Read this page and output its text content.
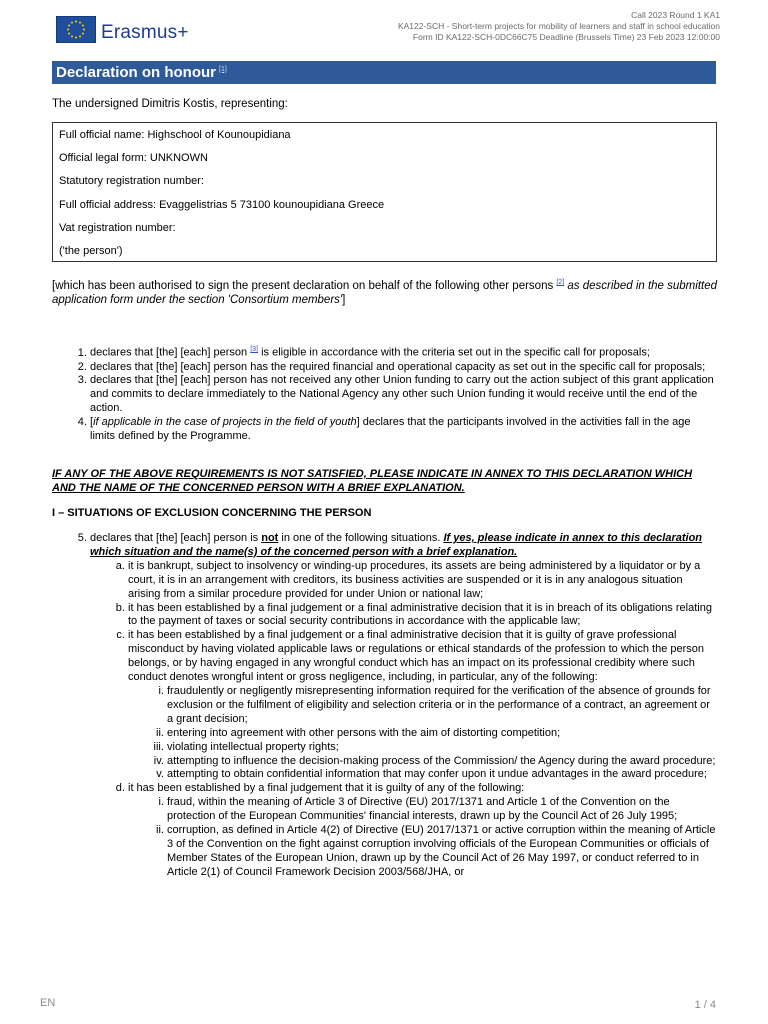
Erasmus+
Call 2023 Round 1 KA1
KA122-SCH - Short-term projects for mobility of learners and staff in school education
Form ID KA122-SCH-0DC66C75 Deadline (Brussels Time) 23 Feb 2023 12:00:00
Declaration on honour [1]
The undersigned Dimitris Kostis, representing:
Full official name: Highschool of Kounoupidiana
Official legal form: UNKNOWN
Statutory registration number:
Full official address: Evaggelistrias 5 73100 kounoupidiana Greece
Vat registration number:
('the person')
[which has been authorised to sign the present declaration on behalf of the following other persons [2] as described in the submitted application form under the section 'Consortium members']
1. declares that [the] [each] person [3] is eligible in accordance with the criteria set out in the specific call for proposals;
2. declares that [the] [each] person has the required financial and operational capacity as set out in the specific call for proposals;
3. declares that [the] [each] person has not received any other Union funding to carry out the action subject of this grant application and commits to declare immediately to the National Agency any other such Union funding it would receive until the end of the action.
4. [if applicable in the case of projects in the field of youth] declares that the participants involved in the activities fall in the age limits defined by the Programme.
IF ANY OF THE ABOVE REQUIREMENTS IS NOT SATISFIED, PLEASE INDICATE IN ANNEX TO THIS DECLARATION WHICH AND THE NAME OF THE CONCERNED PERSON WITH A BRIEF EXPLANATION.
I – SITUATIONS OF EXCLUSION CONCERNING THE PERSON
5. declares that [the] [each] person is not in one of the following situations. If yes, please indicate in annex to this declaration which situation and the name(s) of the concerned person with a brief explanation.
a. it is bankrupt, subject to insolvency or winding-up procedures, its assets are being administered by a liquidator or by a court, it is in an arrangement with creditors, its business activities are suspended or it is in any analogous situation arising from a similar procedure provided for under Union or national law;
b. it has been established by a final judgement or a final administrative decision that it is in breach of its obligations relating to the payment of taxes or social security contributions in accordance with the applicable law;
c. it has been established by a final judgement or a final administrative decision that it is guilty of grave professional misconduct by having violated applicable laws or regulations or ethical standards of the profession to which the person belongs, or by having engaged in any wrongful conduct which has an impact on its professional credibity where such conduct denotes wrongful intent or gross negligence, including, in particular, any of the following:
i. fraudulently or negligently misrepresenting information required for the verification of the absence of grounds for exclusion or the fulfilment of eligibility and selection criteria or in the performance of a contract, an agreement or a grant decision;
ii. entering into agreement with other persons with the aim of distorting competition;
iii. violating intellectual property rights;
iv. attempting to influence the decision-making process of the Commission/ the Agency during the award procedure;
v. attempting to obtain confidential information that may confer upon it undue advantages in the award procedure;
d. it has been established by a final judgement that it is guilty of any of the following:
i. fraud, within the meaning of Article 3 of Directive (EU) 2017/1371 and Article 1 of the Convention on the protection of the European Communities' financial interests, drawn up by the Council Act of 26 July 1995;
ii. corruption, as defined in Article 4(2) of Directive (EU) 2017/1371 or active corruption within the meaning of Article 3 of the Convention on the fight against corruption involving officials of the European Communities or officials of Member States of the European Union, drawn up by the Council Act of 26 May 1997, or conduct referred to in Article 2(1) of Council Framework Decision 2003/568/JHA, or
EN	1 / 4
